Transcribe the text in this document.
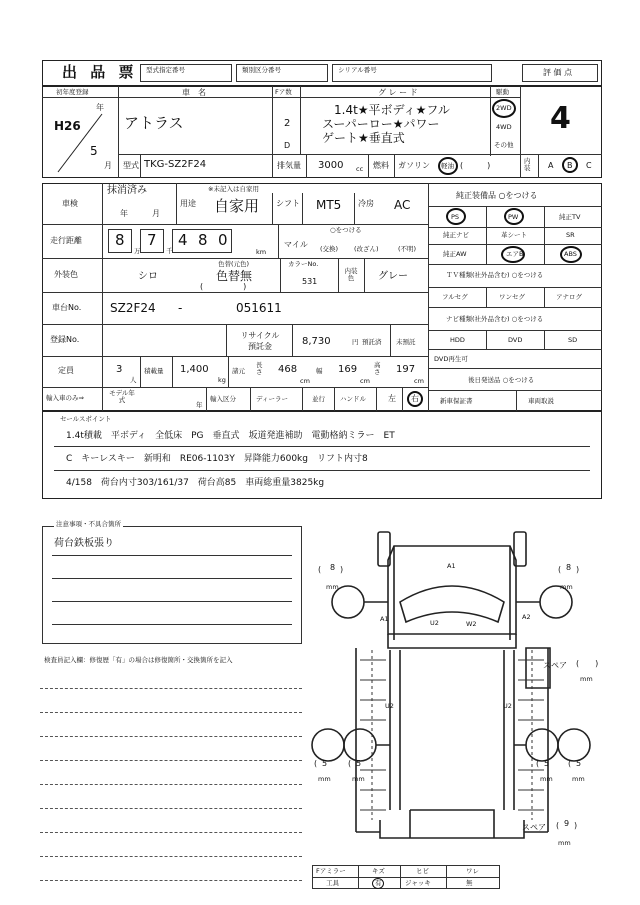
出 品 票 型式指定番号	類別区分番号	シリアル番号	評 価 点
初年度登録
H26
年
5
月
車　名
アトラス
Fア数
2
D
グ レ ー ド
1.4t★平ボディ★フル
スーパーロー★パワー
ゲート★垂直式
駆動
2WD
4WD
その他
4
型式 TKG-SZ2F24	排気量 3000 cc 燃料 ガソリン 軽油 (　　　)	内装	A B C
車検
抹消済み
年　　　月
※未記入は自家用
用途 自家用 シフト MT5 冷房 AC
走行距離 8 7 4 8 0
万	千	km
○をつける
マイル (交換) (改ざん)	(不明)
外装色	シロ
色替(元色)
色替無
(　　　　　)
カラーNo.
531
内装色	グレー
車台No. SZ2F24 -	051611
登録No.	リサイクル預託金	8,730	円 預託済 未預託
定員	3
人
積載量 1,400
kg
諸元
長さ 468
cm
幅 169
cm
高さ 197
cm
輸入車のみ⇒
モデル年式
年
輸入区分	ディーラー	並行 ハンドル	左 右
純正装備品 ○をつける
PS	PW	純正TV
純正ナビ	革シート	SR
純正AW	エアB	ABS
ＴＶ種類(社外品含む) ○をつける
フルセグ	ワンセグ	アナログ
ナビ種類(社外品含む) ○をつける
HDD	DVD	SD
DVD再生可
後日発送品 ○をつける
新車保証書	車両取説
セールスポイント
1.4t積載　平ボディ　全低床　PG　垂直式　坂道発進補助　電動格納ミラー　ET
C　キーレスキー　新明和　RE06-1103Y　昇降能力600kg　リフト内寸8
4/158　荷台内寸303/161/37　荷台高85　車両総重量3825kg
注意事項・不具合箇所
荷台鉄板張り
検査員記入欄：修復歴「有」の場合は修復箇所・交換箇所を記入
A1
A1	U2	W2
A2
U2	U2
( 8 )
mm
( 8 )
mm
スペア (　　)
mm
( 5
mm
( 5
mm
( 5
mm
( 5
mm
スペア ( 9 )
mm
Fアミラー	キズ	ヒビ	ワレ
工具	有	ジャッキ	無
